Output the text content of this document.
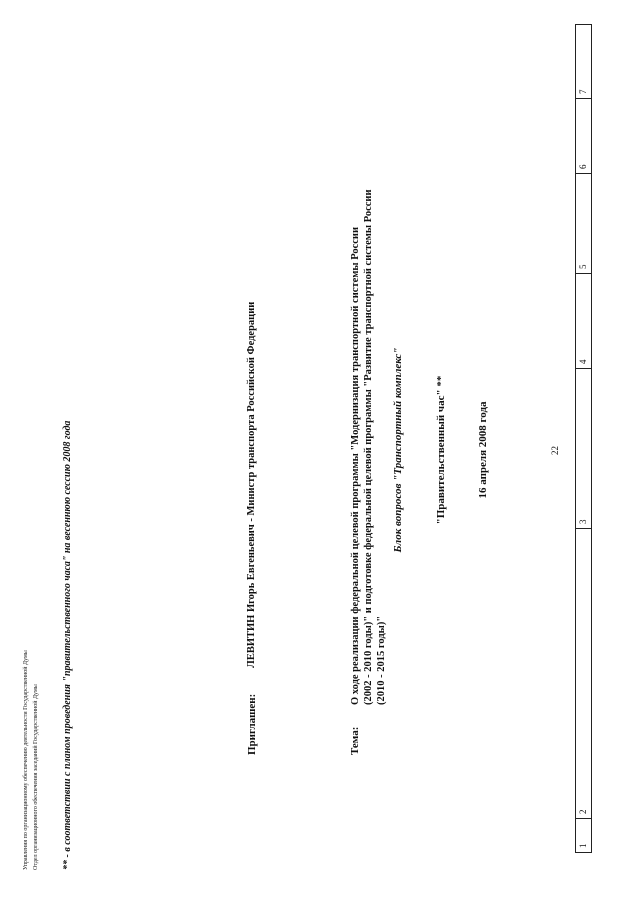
22
1
2
3
4
5
6
7
16 апреля 2008 года
"Правительственный час" **
Блок вопросов "Транспортный комплекс"
Тема:
О ходе реализации федеральной целевой программы "Модернизация транспортной системы России
(2002 - 2010 годы)" и подготовке федеральной целевой программы "Развитие транспортной системы России
(2010 - 2015 годы)"
Приглашен:
ЛЕВИТИН Игорь Евгеньевич - Министр транспорта Российской Федерации
** - в соответствии с планом проведения "правительственного часа" на весеннюю сессию 2008 года
Отдел организационного обеспечения заседаний Государственной Думы
Управления по организационному обеспечению деятельности Государственной Думы
